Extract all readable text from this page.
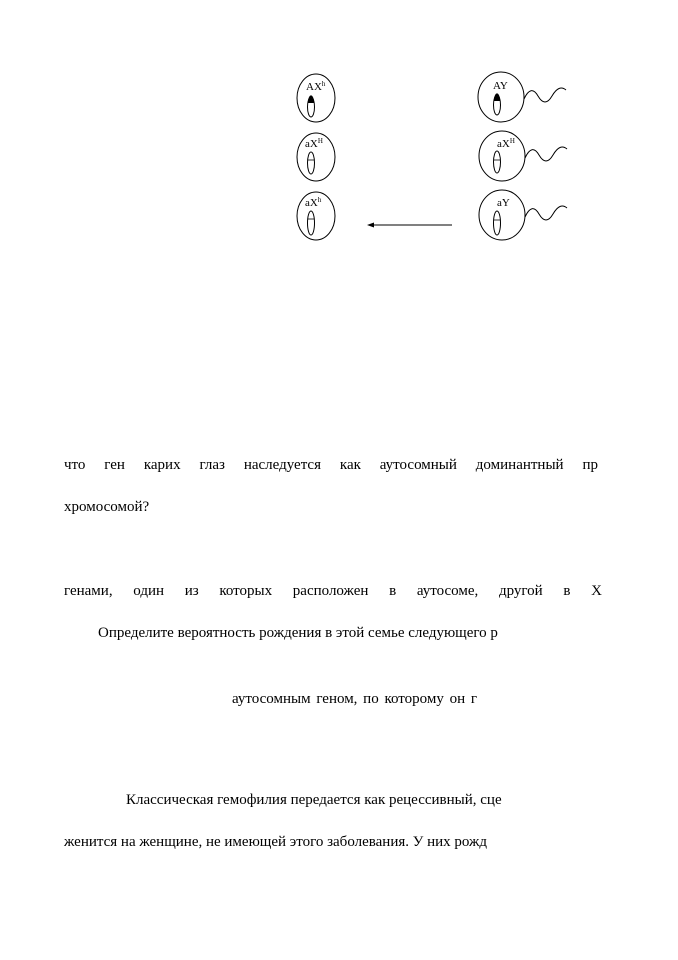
$AX^h$
$aX^H$
$aX^h$
AY
$aX^H$
aY
что ген карих глаз наследуется как аутосомный доминантный пр
хромосомой?
генами, один из которых расположен в аутосоме, другой в Х
Определите вероятность рождения в этой семье следующего р
аутосомным геном, по которому он г
Классическая гемофилия передается как рецессивный, сце
женится на женщине, не имеющей этого заболевания. У них рожд
